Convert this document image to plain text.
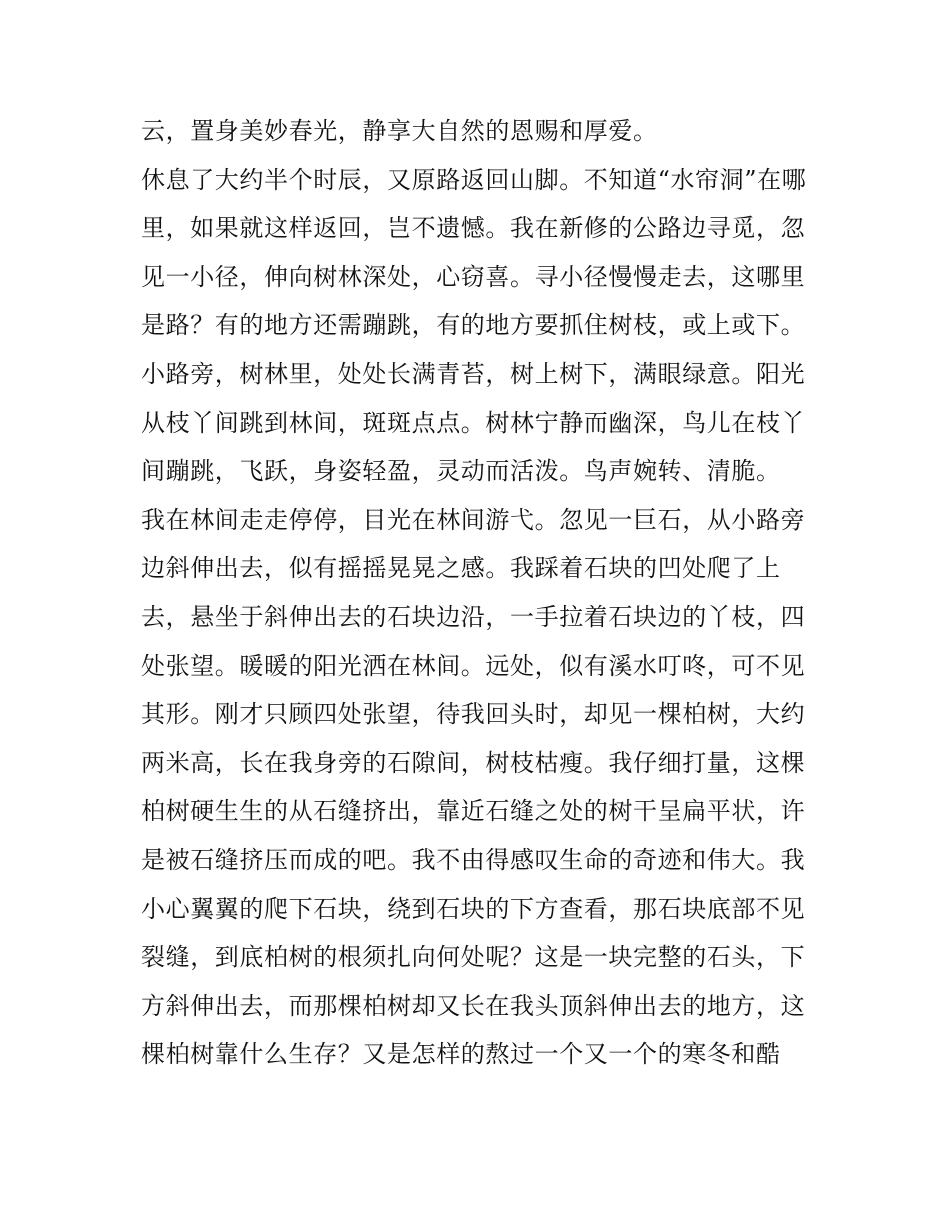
云，置身美妙春光，静享大自然的恩赐和厚爱。
休息了大约半个时辰，又原路返回山脚。不知道“水帘洞”在哪
里，如果就这样返回，岂不遗憾。我在新修的公路边寻觅，忽
见一小径，伸向树林深处，心窃喜。寻小径慢慢走去，这哪里
是路？有的地方还需蹦跳，有的地方要抓住树枝，或上或下。
小路旁，树林里，处处长满青苔，树上树下，满眼绿意。阳光
从枝丫间跳到林间，斑斑点点。树林宁静而幽深，鸟儿在枝丫
间蹦跳，飞跃，身姿轻盈，灵动而活泼。鸟声婉转、清脆。
我在林间走走停停，目光在林间游弋。忽见一巨石，从小路旁
边斜伸出去，似有摇摇晃晃之感。我踩着石块的凹处爬了上
去，悬坐于斜伸出去的石块边沿，一手拉着石块边的丫枝，四
处张望。暖暖的阳光洒在林间。远处，似有溪水叮咚，可不见
其形。刚才只顾四处张望，待我回头时，却见一棵柏树，大约
两米高，长在我身旁的石隙间，树枝枯瘦。我仔细打量，这棵
柏树硬生生的从石缝挤出，靠近石缝之处的树干呈扁平状，许
是被石缝挤压而成的吧。我不由得感叹生命的奇迹和伟大。我
小心翼翼的爬下石块，绕到石块的下方查看，那石块底部不见
裂缝，到底柏树的根须扎向何处呢？这是一块完整的石头，下
方斜伸出去，而那棵柏树却又长在我头顶斜伸出去的地方，这
棵柏树靠什么生存？又是怎样的熬过一个又一个的寒冬和酷
